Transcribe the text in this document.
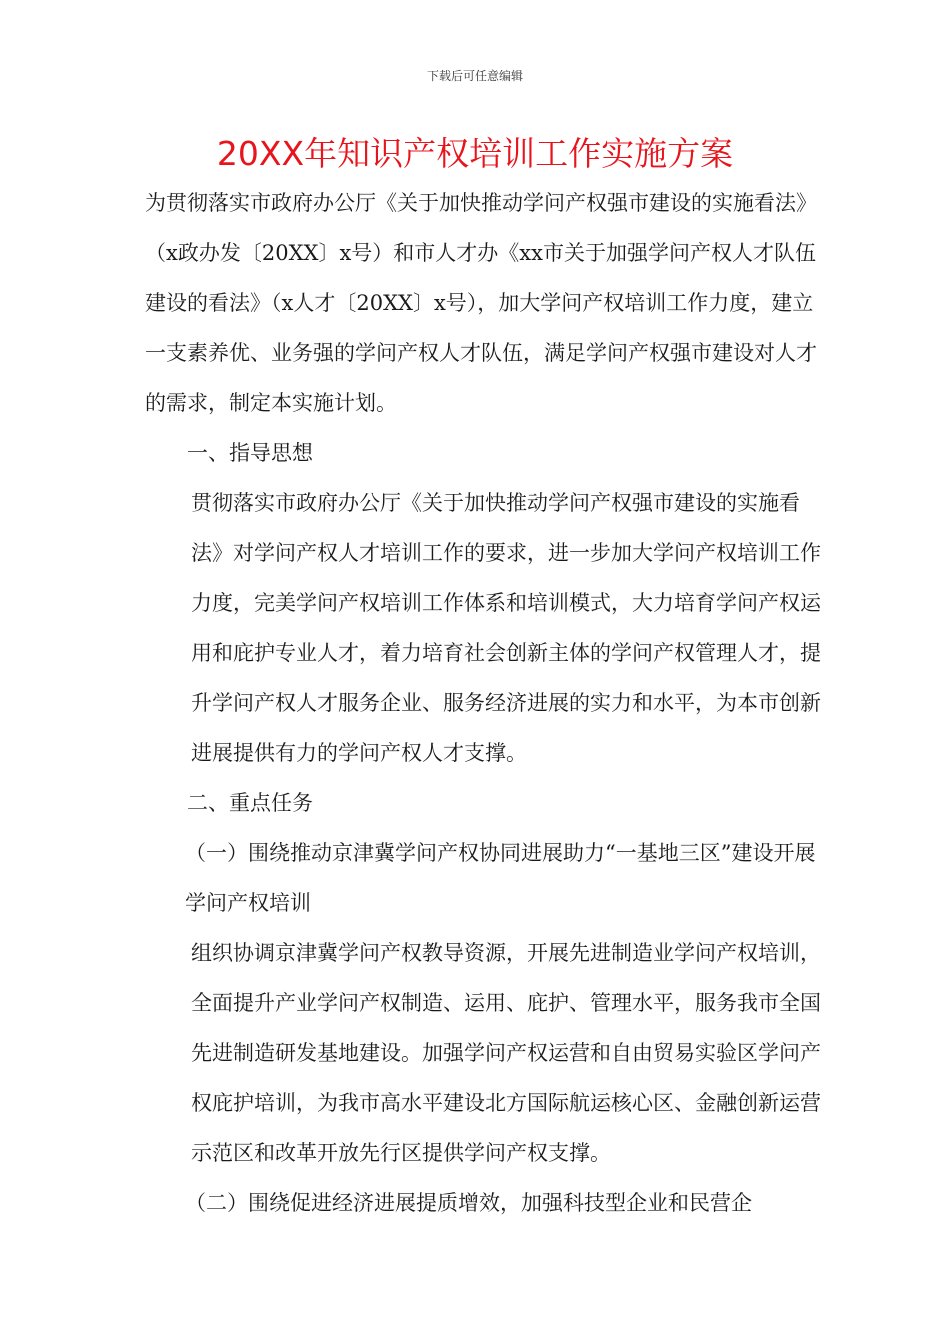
下载后可任意编辑
20XX年知识产权培训工作实施方案

为贯彻落实市政府办公厅《关于加快推动学问产权强市建设的实施看法》（x政办发〔20XX〕x号）和市人才办《xx市关于加强学问产权人才队伍建设的看法》（x人才〔20XX〕x号），加大学问产权培训工作力度，建立一支素养优、业务强的学问产权人才队伍，满足学问产权强市建设对人才的需求，制定本实施计划。

一、指导思想

贯彻落实市政府办公厅《关于加快推动学问产权强市建设的实施看法》对学问产权人才培训工作的要求，进一步加大学问产权培训工作力度，完美学问产权培训工作体系和培训模式，大力培育学问产权运用和庇护专业人才，着力培育社会创新主体的学问产权管理人才，提升学问产权人才服务企业、服务经济进展的实力和水平，为本市创新进展提供有力的学问产权人才支撑。

二、重点任务

（一）围绕推动京津冀学问产权协同进展助力“一基地三区”建设开展学问产权培训

组织协调京津冀学问产权教导资源，开展先进制造业学问产权培训，全面提升产业学问产权制造、运用、庇护、管理水平，服务我市全国先进制造研发基地建设。加强学问产权运营和自由贸易实验区学问产权庇护培训，为我市高水平建设北方国际航运核心区、金融创新运营示范区和改革开放先行区提供学问产权支撑。

（二）围绕促进经济进展提质增效，加强科技型企业和民营企
